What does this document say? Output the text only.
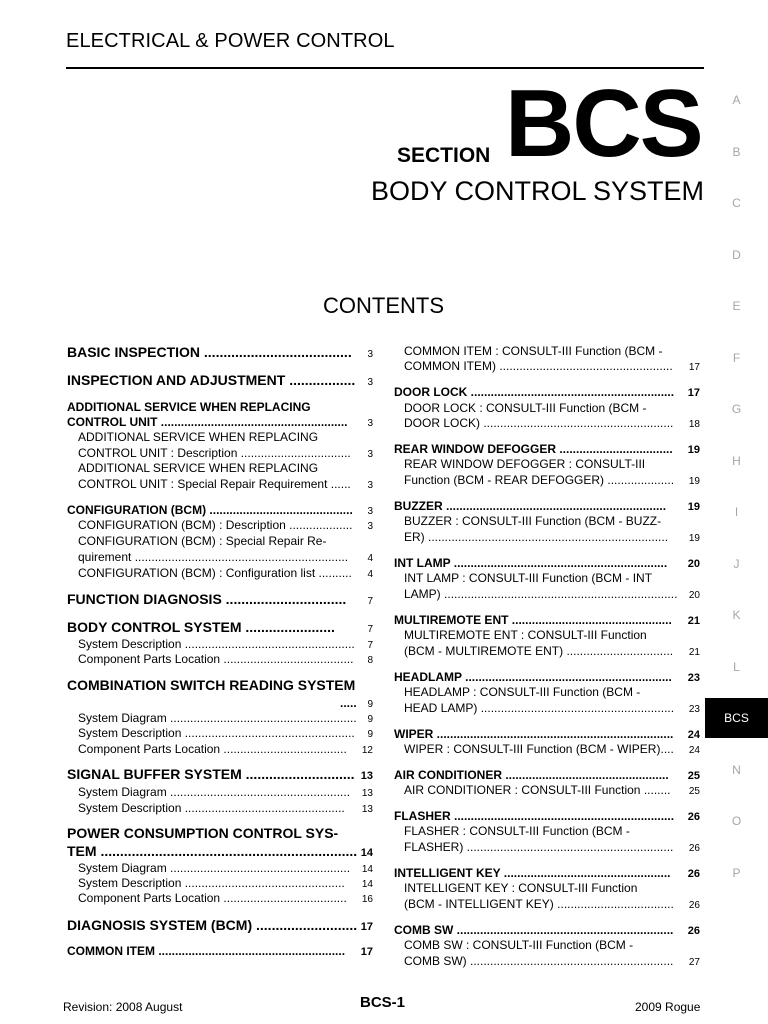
ELECTRICAL & POWER CONTROL
SECTION BCS
BODY CONTROL SYSTEM
CONTENTS
A
B
C
D
E
F
G
H
I
J
K
L
BCS
N
O
P
BASIC INSPECTION ......................................	3
INSPECTION AND ADJUSTMENT .................	3
ADDITIONAL SERVICE WHEN REPLACING
CONTROL UNIT ........................................................	3
ADDITIONAL SERVICE WHEN REPLACING
CONTROL UNIT : Description .................................	3
ADDITIONAL SERVICE WHEN REPLACING
CONTROL UNIT : Special Repair Requirement ......	3
CONFIGURATION (BCM) ...........................................	3
CONFIGURATION (BCM) : Description ...................	3
CONFIGURATION (BCM) : Special Repair Re-
quirement ................................................................	4
CONFIGURATION (BCM) : Configuration list ..........	4
FUNCTION DIAGNOSIS ...............................	7
BODY CONTROL SYSTEM .......................	7
System Description ...................................................	7
Component Parts Location .......................................	8
COMBINATION SWITCH READING SYSTEM
.....	9
System Diagram ........................................................	9
System Description ...................................................	9
Component Parts Location .....................................	12
SIGNAL BUFFER SYSTEM ............................ 13
System Diagram ......................................................	13
System Description ................................................	13
POWER CONSUMPTION CONTROL SYS-
TEM .................................................................. 14
System Diagram ......................................................	14
System Description ................................................	14
Component Parts Location .....................................	16
DIAGNOSIS SYSTEM (BCM) .......................... 17
COMMON ITEM ........................................................	17
COMMON ITEM : CONSULT-III Function (BCM -
COMMON ITEM) ....................................................	17
DOOR LOCK .............................................................	17
DOOR LOCK : CONSULT-III Function (BCM -
DOOR LOCK) .........................................................	18
REAR WINDOW DEFOGGER ..................................	19
REAR WINDOW DEFOGGER : CONSULT-III
Function (BCM - REAR DEFOGGER) ....................	19
BUZZER ..................................................................	19
BUZZER : CONSULT-III Function (BCM - BUZZ-
ER) ........................................................................	19
INT LAMP ................................................................	20
INT LAMP : CONSULT-III Function (BCM - INT
LAMP) ......................................................................	20
MULTIREMOTE ENT ................................................	21
MULTIREMOTE ENT : CONSULT-III Function
(BCM - MULTIREMOTE ENT) ................................	21
HEADLAMP ..............................................................	23
HEADLAMP : CONSULT-III Function (BCM -
HEAD LAMP) ..........................................................	23
WIPER .......................................................................	24
WIPER : CONSULT-III Function (BCM - WIPER)....	24
AIR CONDITIONER .................................................	25
AIR CONDITIONER : CONSULT-III Function ........	25
FLASHER ..................................................................	26
FLASHER : CONSULT-III Function (BCM -
FLASHER) ..............................................................	26
INTELLIGENT KEY ..................................................	26
INTELLIGENT KEY : CONSULT-III Function
(BCM - INTELLIGENT KEY) ...................................	26
COMB SW .................................................................	26
COMB SW : CONSULT-III Function (BCM -
COMB SW) .............................................................	27
Revision: 2008 August	BCS-1	2009 Rogue
